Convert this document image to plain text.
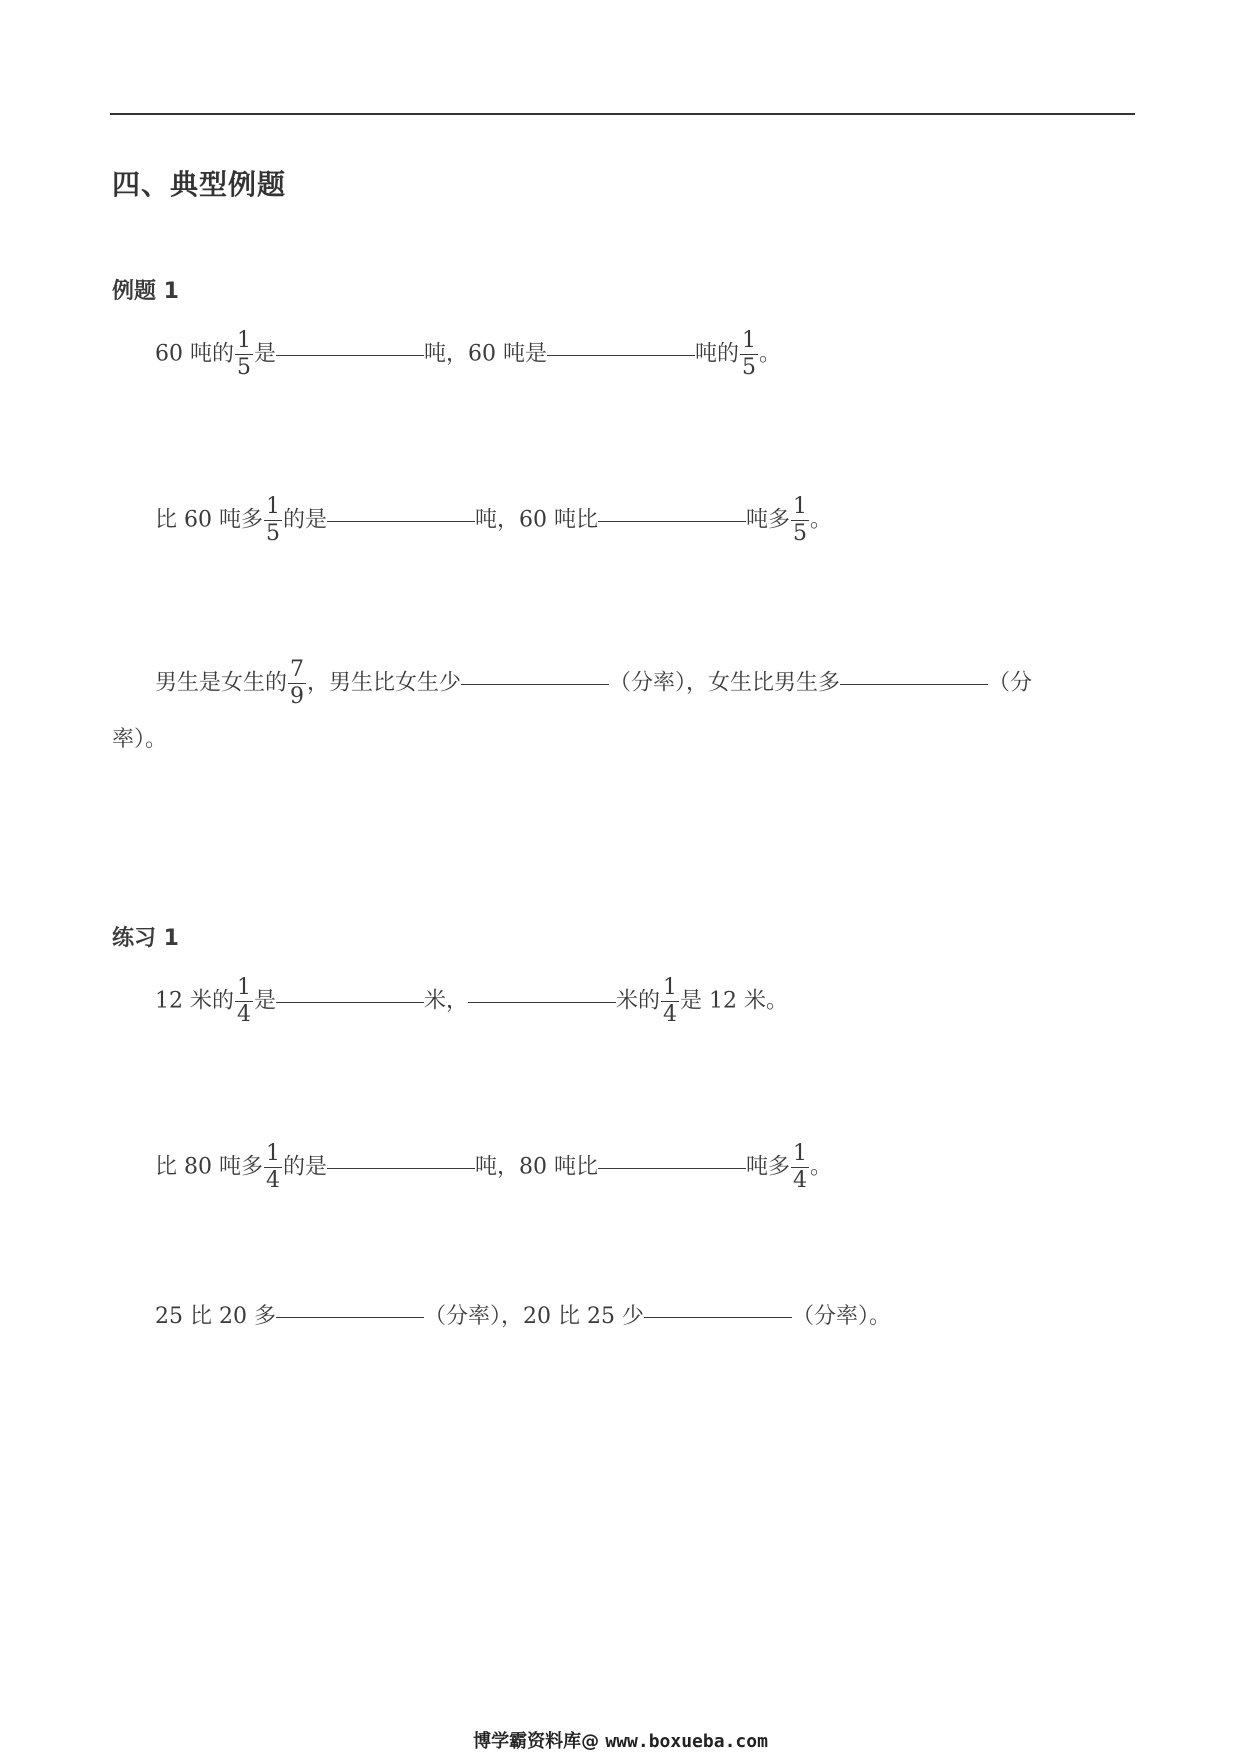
四、典型例题
例题 1
60 吨的 $\frac{1}{5}$ 是	吨，60 吨是	吨的 $\frac{1}{5}$ 。
比 60 吨多 $\frac{1}{5}$ 的是	吨，60 吨比	吨多 $\frac{1}{5}$ 。
男生是女生的 $\frac{7}{9}$ ，男生比女生少	（分率），女生比男生多	（分
率）。
练习 1
12 米的 $\frac{1}{4}$ 是	米，	米的 $\frac{1}{4}$ 是 12 米。
比 80 吨多 $\frac{1}{4}$ 的是	吨，80 吨比	吨多 $\frac{1}{4}$ 。
25 比 20 多	（分率），20 比 25 少	（分率）。
博学霸资料库@ www.boxueba.com
